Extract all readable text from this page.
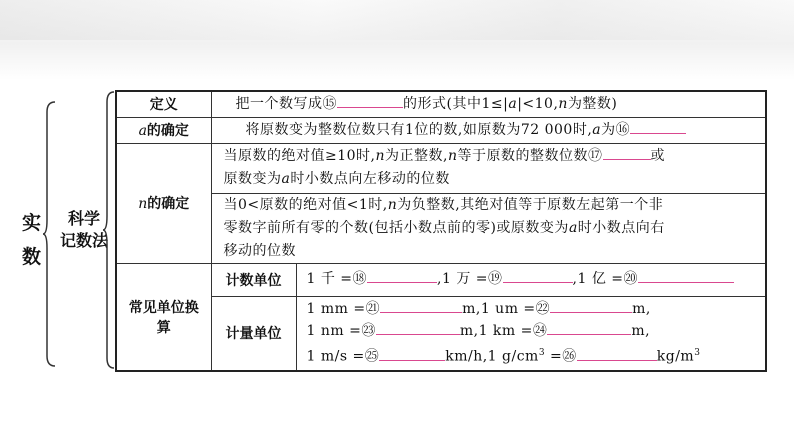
实
数
科学
记数法
定义	把一个数写成⑮ 的形式(其中1≤|a|<10,n为整数)	
a的确定	将原数变为整数位数只有1位的数,如原数为72 000时,a为⑯	
n的确定	当原数的绝对值≥10时,n为正整数,n等于原数的整数位数⑰ 或
原数变为a时小数点向左移动的位数	

	当0<原数的绝对值<1时,n为负整数,其绝对值等于原数左起第一个非
零数字前所有零的个数(包括小数点前的零)或原数变为a时小数点向右
移动的位数	

常见单位换算	计数单位	1 千 =⑱ ,1 万 =⑲ ,1 亿 =⑳
	计量单位	1 mm =㉑ m,1 um =㉒ m,
1 nm =㉓ m,1 km =㉔ m,
1 m/s =㉕ km/h,1 $g/cm^3$ =㉖ $kg/m^3$
